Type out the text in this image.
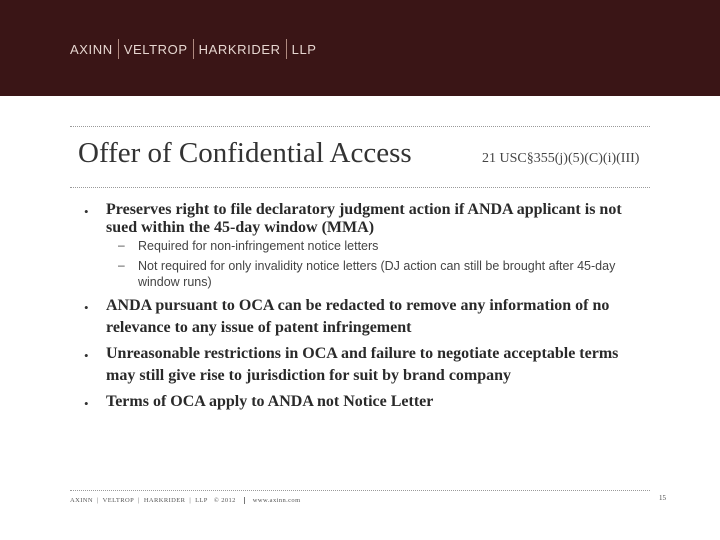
AXINN VELTROP HARKRIDER LLP
Offer of Confidential Access	21 USC§355(j)(5)(C)(i)(III)
• Preserves right to file declaratory judgment action if ANDA applicant is not sued within the 45-day window (MMA)
– Required for non-infringement notice letters
– Not required for only invalidity notice letters (DJ action can still be brought after 45-day window runs)
• ANDA pursuant to OCA can be redacted to remove any information of no relevance to any issue of patent infringement
• Unreasonable restrictions in OCA and failure to negotiate acceptable terms may still give rise to jurisdiction for suit by brand company
• Terms of OCA apply to ANDA not Notice Letter
AXINN | VELTROP | HARKRIDER | LLP © 2012	www.axinn.com	15
